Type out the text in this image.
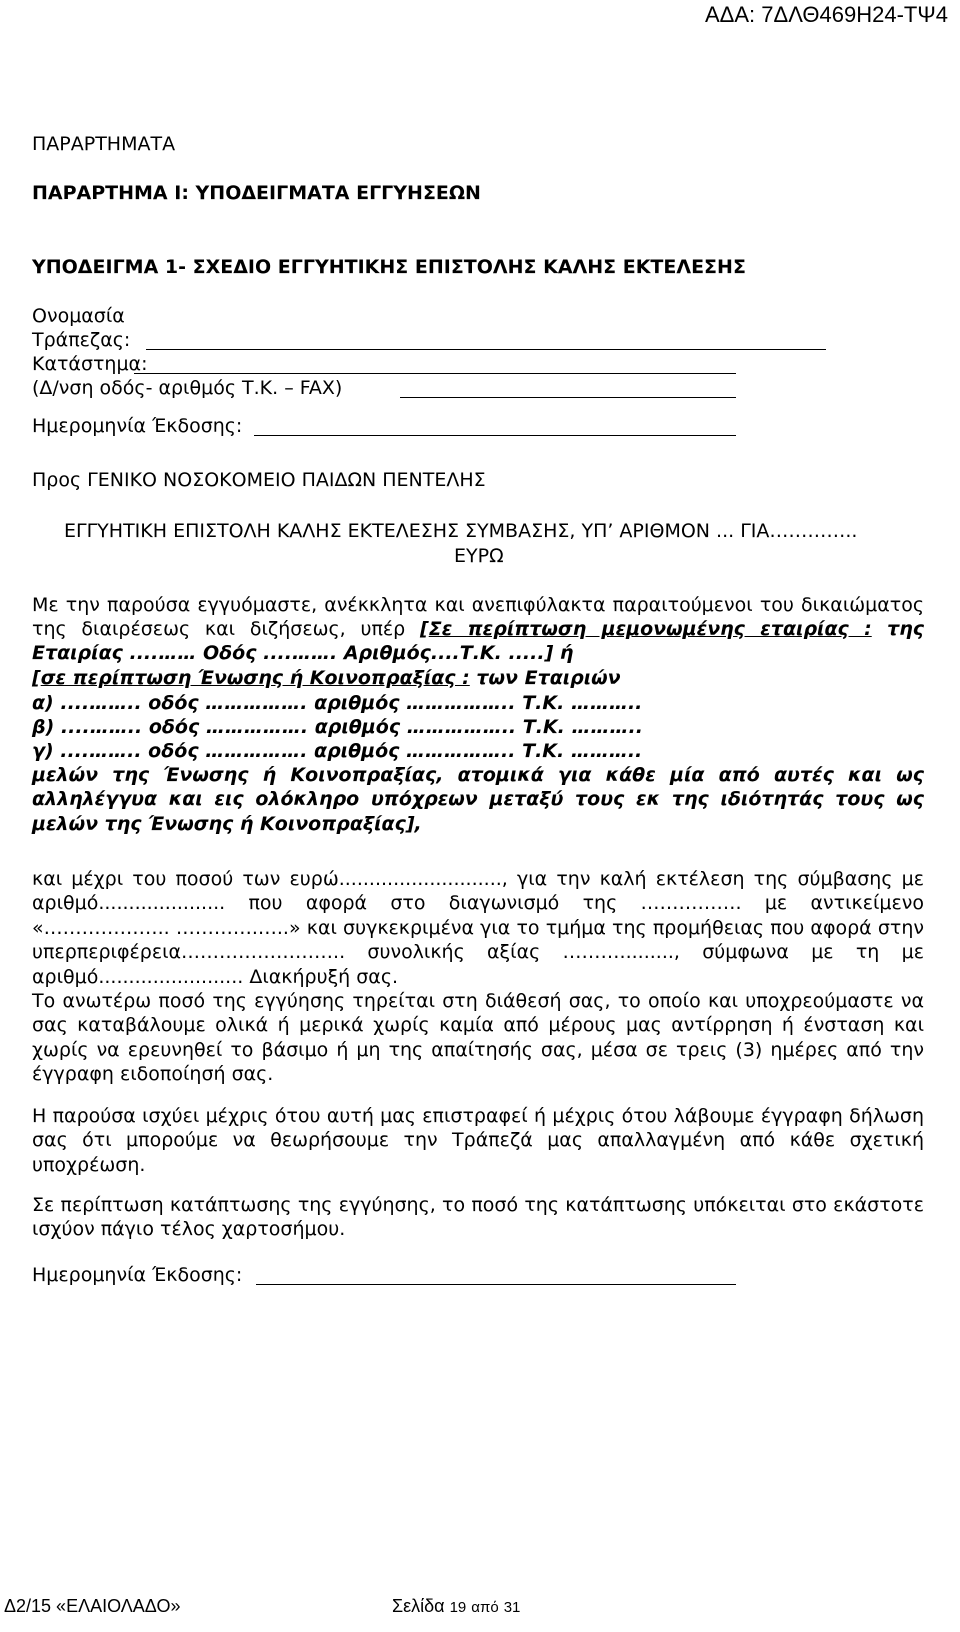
ΑΔΑ: 7ΔΛΘ469Η24-ΤΨ4
ΠΑΡΑΡΤΗΜΑΤΑ
ΠΑΡΑΡΤΗΜΑ Ι: ΥΠΟΔΕΙΓΜΑΤΑ ΕΓΓΥΗΣΕΩΝ
ΥΠΟΔΕΙΓΜΑ 1- ΣΧΕΔΙΟ ΕΓΓΥΗΤΙΚΗΣ ΕΠΙΣΤΟΛΗΣ ΚΑΛΗΣ ΕΚΤΕΛΕΣΗΣ
Ονομασία
Τράπεζας:
Κατάστημα:
(Δ/νση οδός- αριθμός Τ.Κ. – FAX)
Ημερομηνία Έκδοσης:
Προς ΓΕΝΙΚΟ ΝΟΣΟΚΟΜΕΙΟ ΠΑΙΔΩΝ ΠΕΝΤΕΛΗΣ
ΕΓΓΥΗΤΙΚΗ ΕΠΙΣΤΟΛΗ ΚΑΛΗΣ ΕΚΤΕΛΕΣΗΣ ΣΥΜΒΑΣΗΣ, ΥΠ’ ΑΡΙΘΜΟΝ ... ΓΙΑ…………..
ΕΥΡΩ
Με την παρούσα εγγυόμαστε, ανέκκλητα και ανεπιφύλακτα παραιτούμενοι του δικαιώματος
της διαιρέσεως και διζήσεως, υπέρ [Σε περίπτωση μεμονωμένης εταιρίας : της
Εταιρίας ....…… Οδός ....……. Αριθμός....Τ.Κ. .....] ή
[σε περίπτωση Ένωσης ή Κοινοπραξίας : των Εταιριών
α) ....…….. οδός ……………. αριθμός …………….. Τ.Κ. ………..
β) ....…….. οδός ……………. αριθμός …………….. Τ.Κ. ………..
γ) ....…….. οδός ……………. αριθμός …………….. Τ.Κ. ………..
μελών της Ένωσης ή Κοινοπραξίας, ατομικά για κάθε μία από αυτές και ως αλληλέγγυα και εις ολόκληρο υπόχρεων μεταξύ τους εκ της ιδιότητάς τους ως μελών της Ένωσης ή Κοινοπραξίας],
και μέχρι του ποσού των ευρώ..........................., για την καλή εκτέλεση της σύμβασης με αριθμό..................... που αφορά στο διαγωνισμό της ……………. με αντικείμενο «……………….. ………….…..» και συγκεκριμένα για το τμήμα της προμήθειας που αφορά στην υπερπεριφέρεια…………………….. συνολικής αξίας ………........., σύμφωνα με τη με αριθμό........................ Διακήρυξή σας.
Το ανωτέρω ποσό της εγγύησης τηρείται στη διάθεσή σας, το οποίο και υποχρεούμαστε να σας καταβάλουμε ολικά ή μερικά χωρίς καμία από μέρους μας αντίρρηση ή ένσταση και χωρίς να ερευνηθεί το βάσιμο ή μη της απαίτησής σας, μέσα σε τρεις (3) ημέρες από την έγγραφη ειδοποίησή σας.
Η παρούσα ισχύει μέχρις ότου αυτή μας επιστραφεί ή μέχρις ότου λάβουμε έγγραφη δήλωση σας ότι μπορούμε να θεωρήσουμε την Τράπεζά μας απαλλαγμένη από κάθε σχετική υποχρέωση.
Σε περίπτωση κατάπτωσης της εγγύησης, το ποσό της κατάπτωσης υπόκειται στο εκάστοτε ισχύον πάγιο τέλος χαρτοσήμου.
Ημερομηνία Έκδοσης:
Δ2/15 «ΕΛΑΙΟΛΑΔΟ»	Σελίδα 19 από 31
